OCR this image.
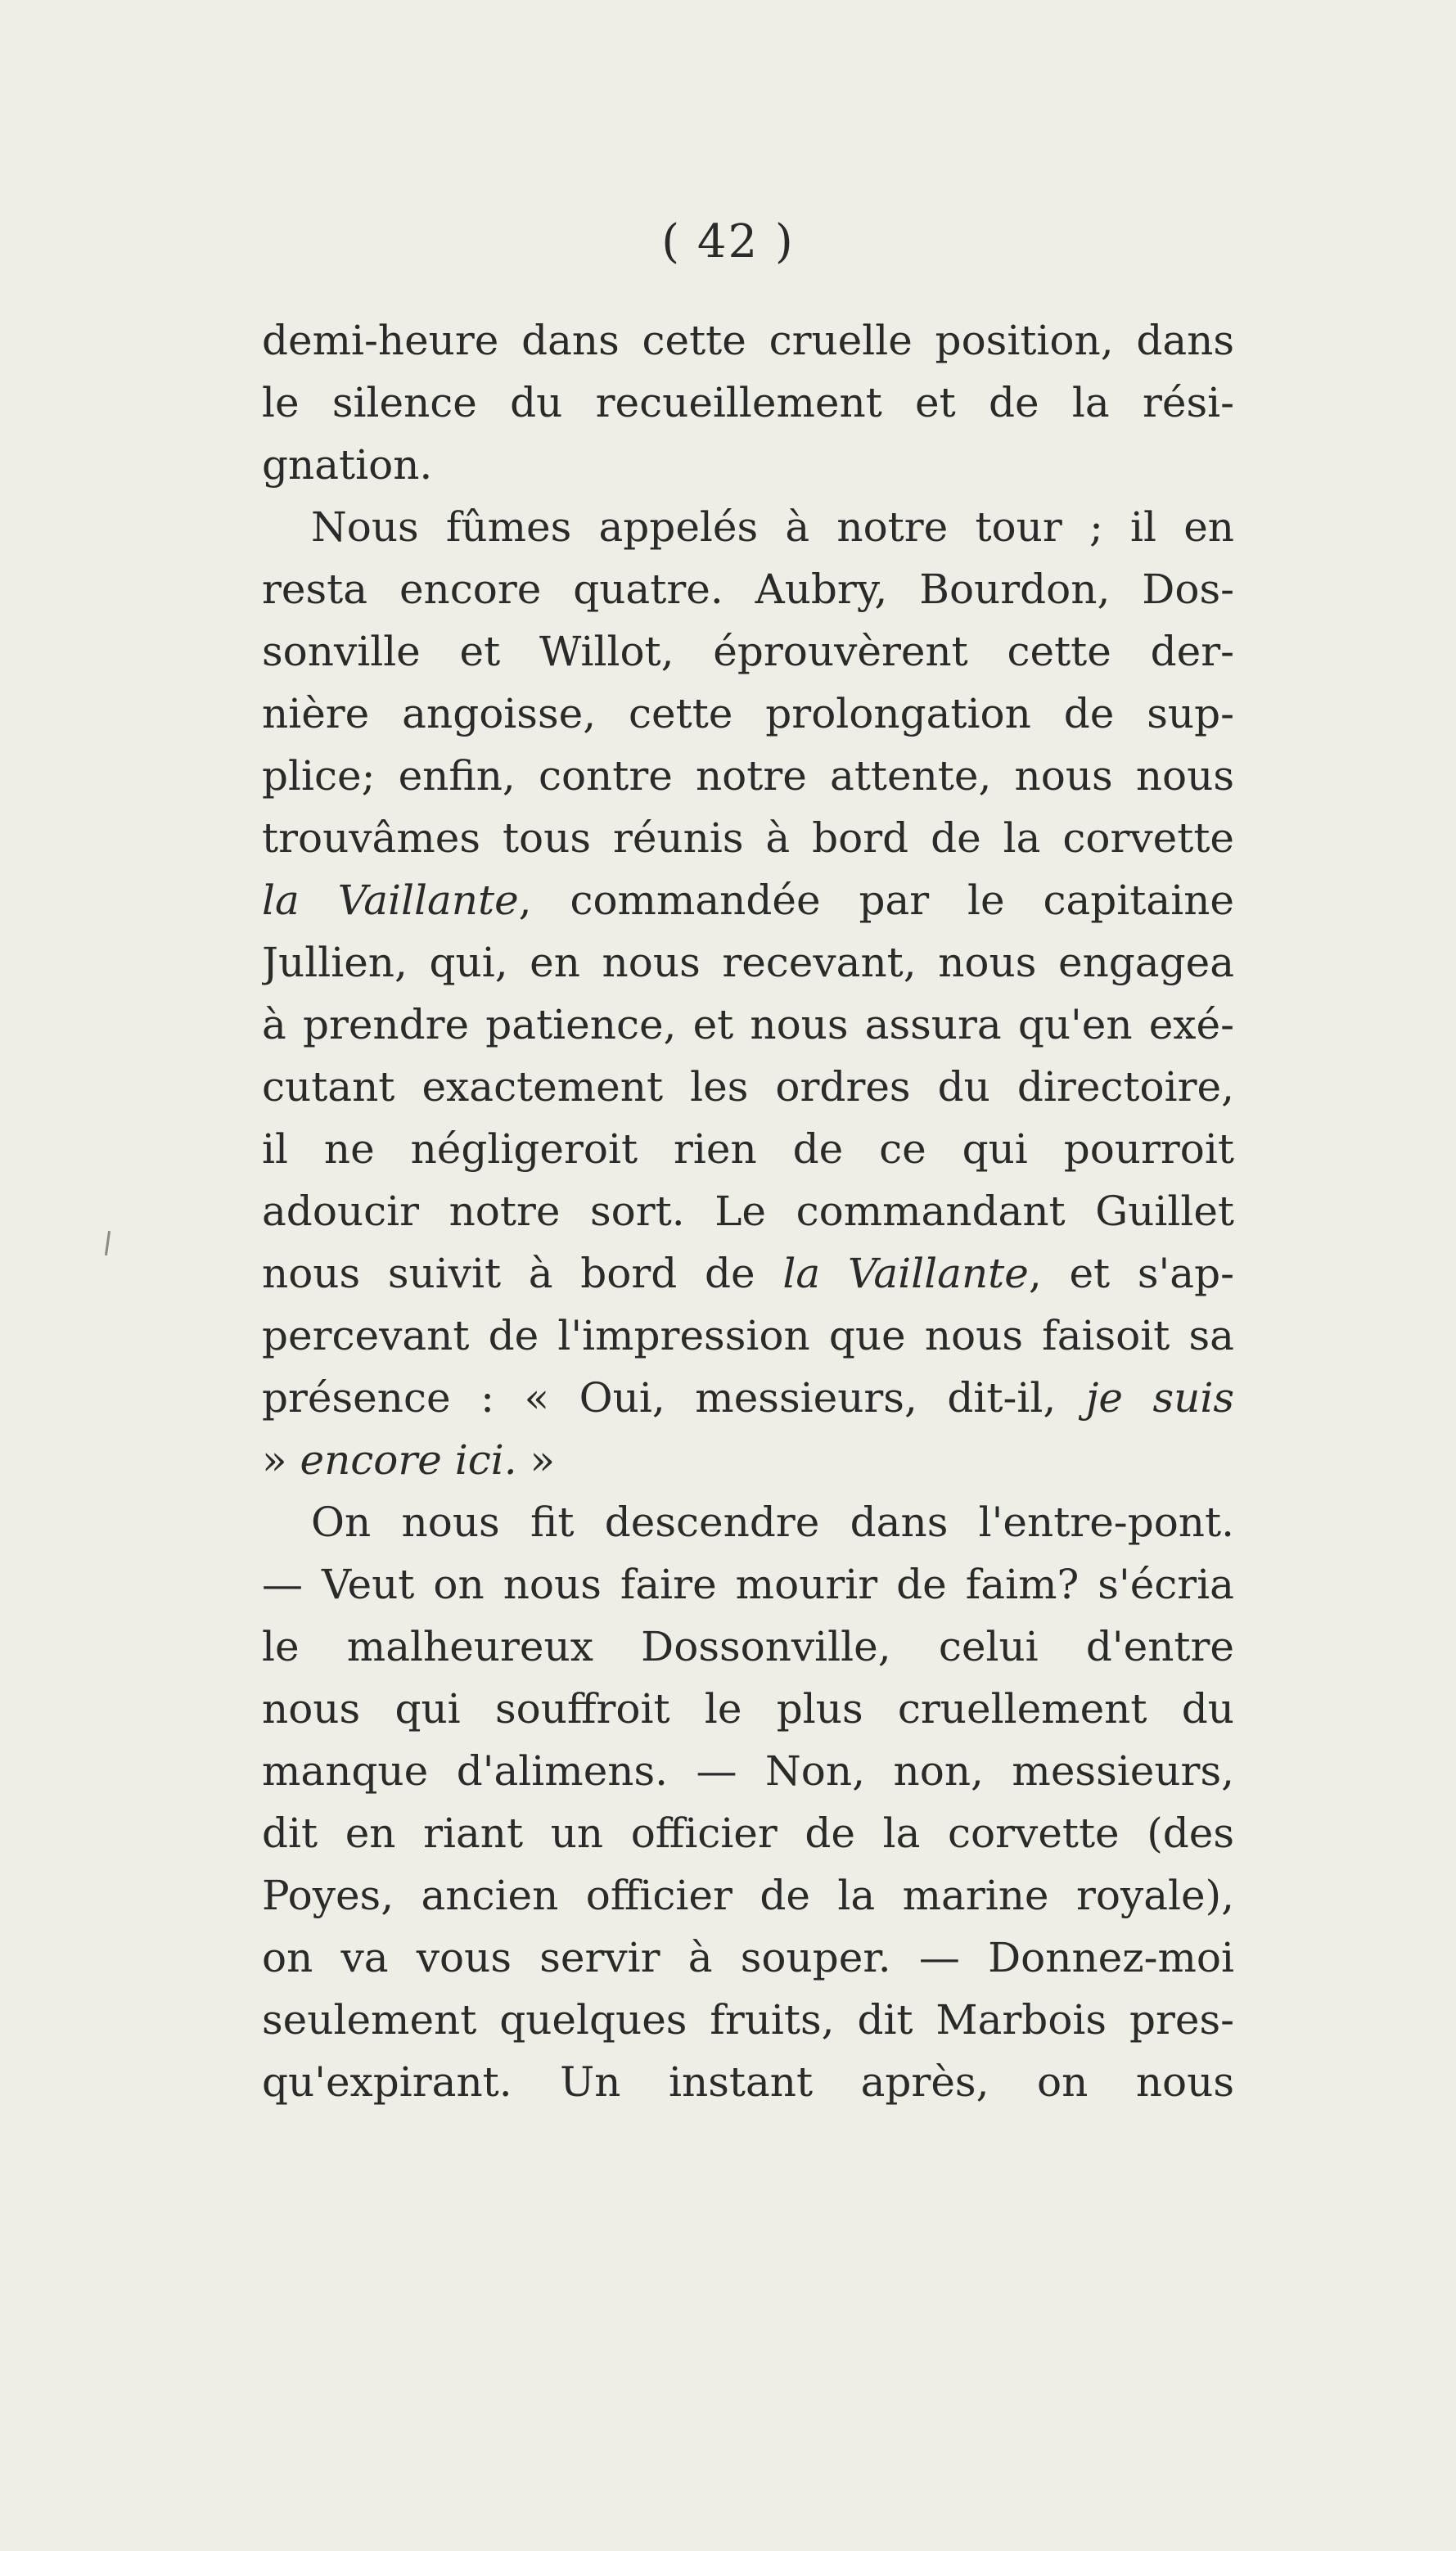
( 42 )
demi-heure dans cette cruelle position, dans
le silence du recueillement et de la rési-
gnation.
Nous fûmes appelés à notre tour ; il en
resta encore quatre. Aubry, Bourdon, Dos-
sonville et Willot, éprouvèrent cette der-
nière angoisse, cette prolongation de sup-
plice; enfin, contre notre attente, nous nous
trouvâmes tous réunis à bord de la corvette
la Vaillante, commandée par le capitaine
Jullien, qui, en nous recevant, nous engagea
à prendre patience, et nous assura qu'en exé-
cutant exactement les ordres du directoire,
il ne négligeroit rien de ce qui pourroit
adoucir notre sort. Le commandant Guillet
nous suivit à bord de la Vaillante, et s'ap-
percevant de l'impression que nous faisoit sa
présence : « Oui, messieurs, dit-il, je suis
» encore ici. »
On nous fit descendre dans l'entre-pont.
— Veut on nous faire mourir de faim? s'écria
le malheureux Dossonville, celui d'entre
nous qui souffroit le plus cruellement du
manque d'alimens. — Non, non, messieurs,
dit en riant un officier de la corvette (des
Poyes, ancien officier de la marine royale),
on va vous servir à souper. — Donnez-moi
seulement quelques fruits, dit Marbois pres-
qu'expirant. Un instant après, on nous
